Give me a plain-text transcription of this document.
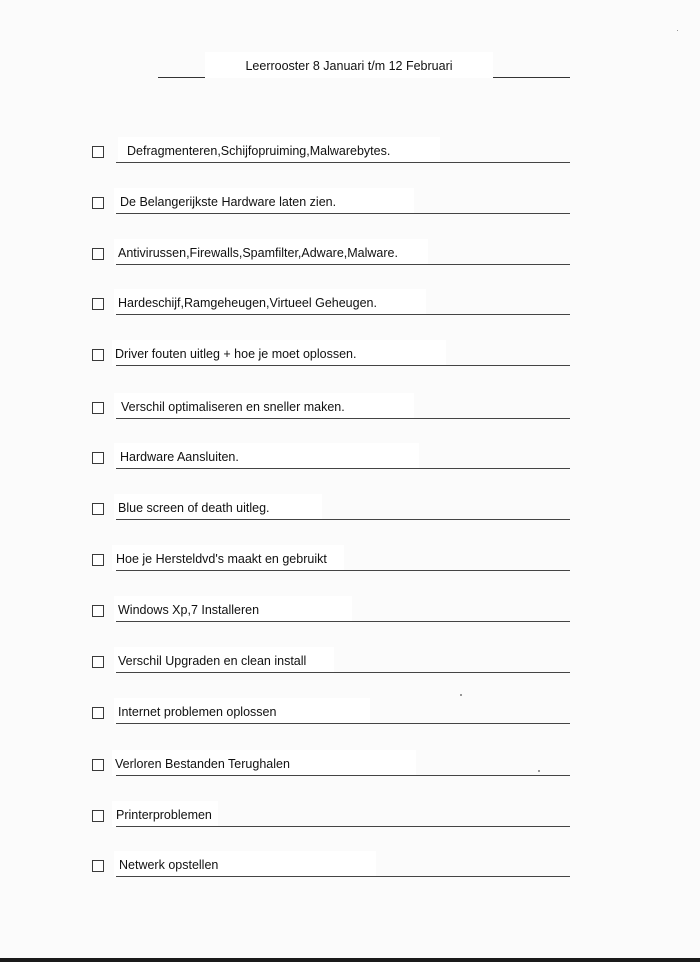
Leerrooster 8 Januari t/m 12 Februari
Defragmenteren,Schijfopruiming,Malwarebytes.
De Belangerijkste Hardware laten zien.
Antivirussen,Firewalls,Spamfilter,Adware,Malware.
Hardeschijf,Ramgeheugen,Virtueel Geheugen.
Driver fouten uitleg + hoe je moet oplossen.
Verschil optimaliseren en sneller maken.
Hardware Aansluiten.
Blue screen of death uitleg.
Hoe je Hersteldvd's maakt en gebruikt
Windows Xp,7 Installeren
Verschil Upgraden en clean install
Internet problemen oplossen
Verloren Bestanden Terughalen
Printerproblemen
Netwerk opstellen
